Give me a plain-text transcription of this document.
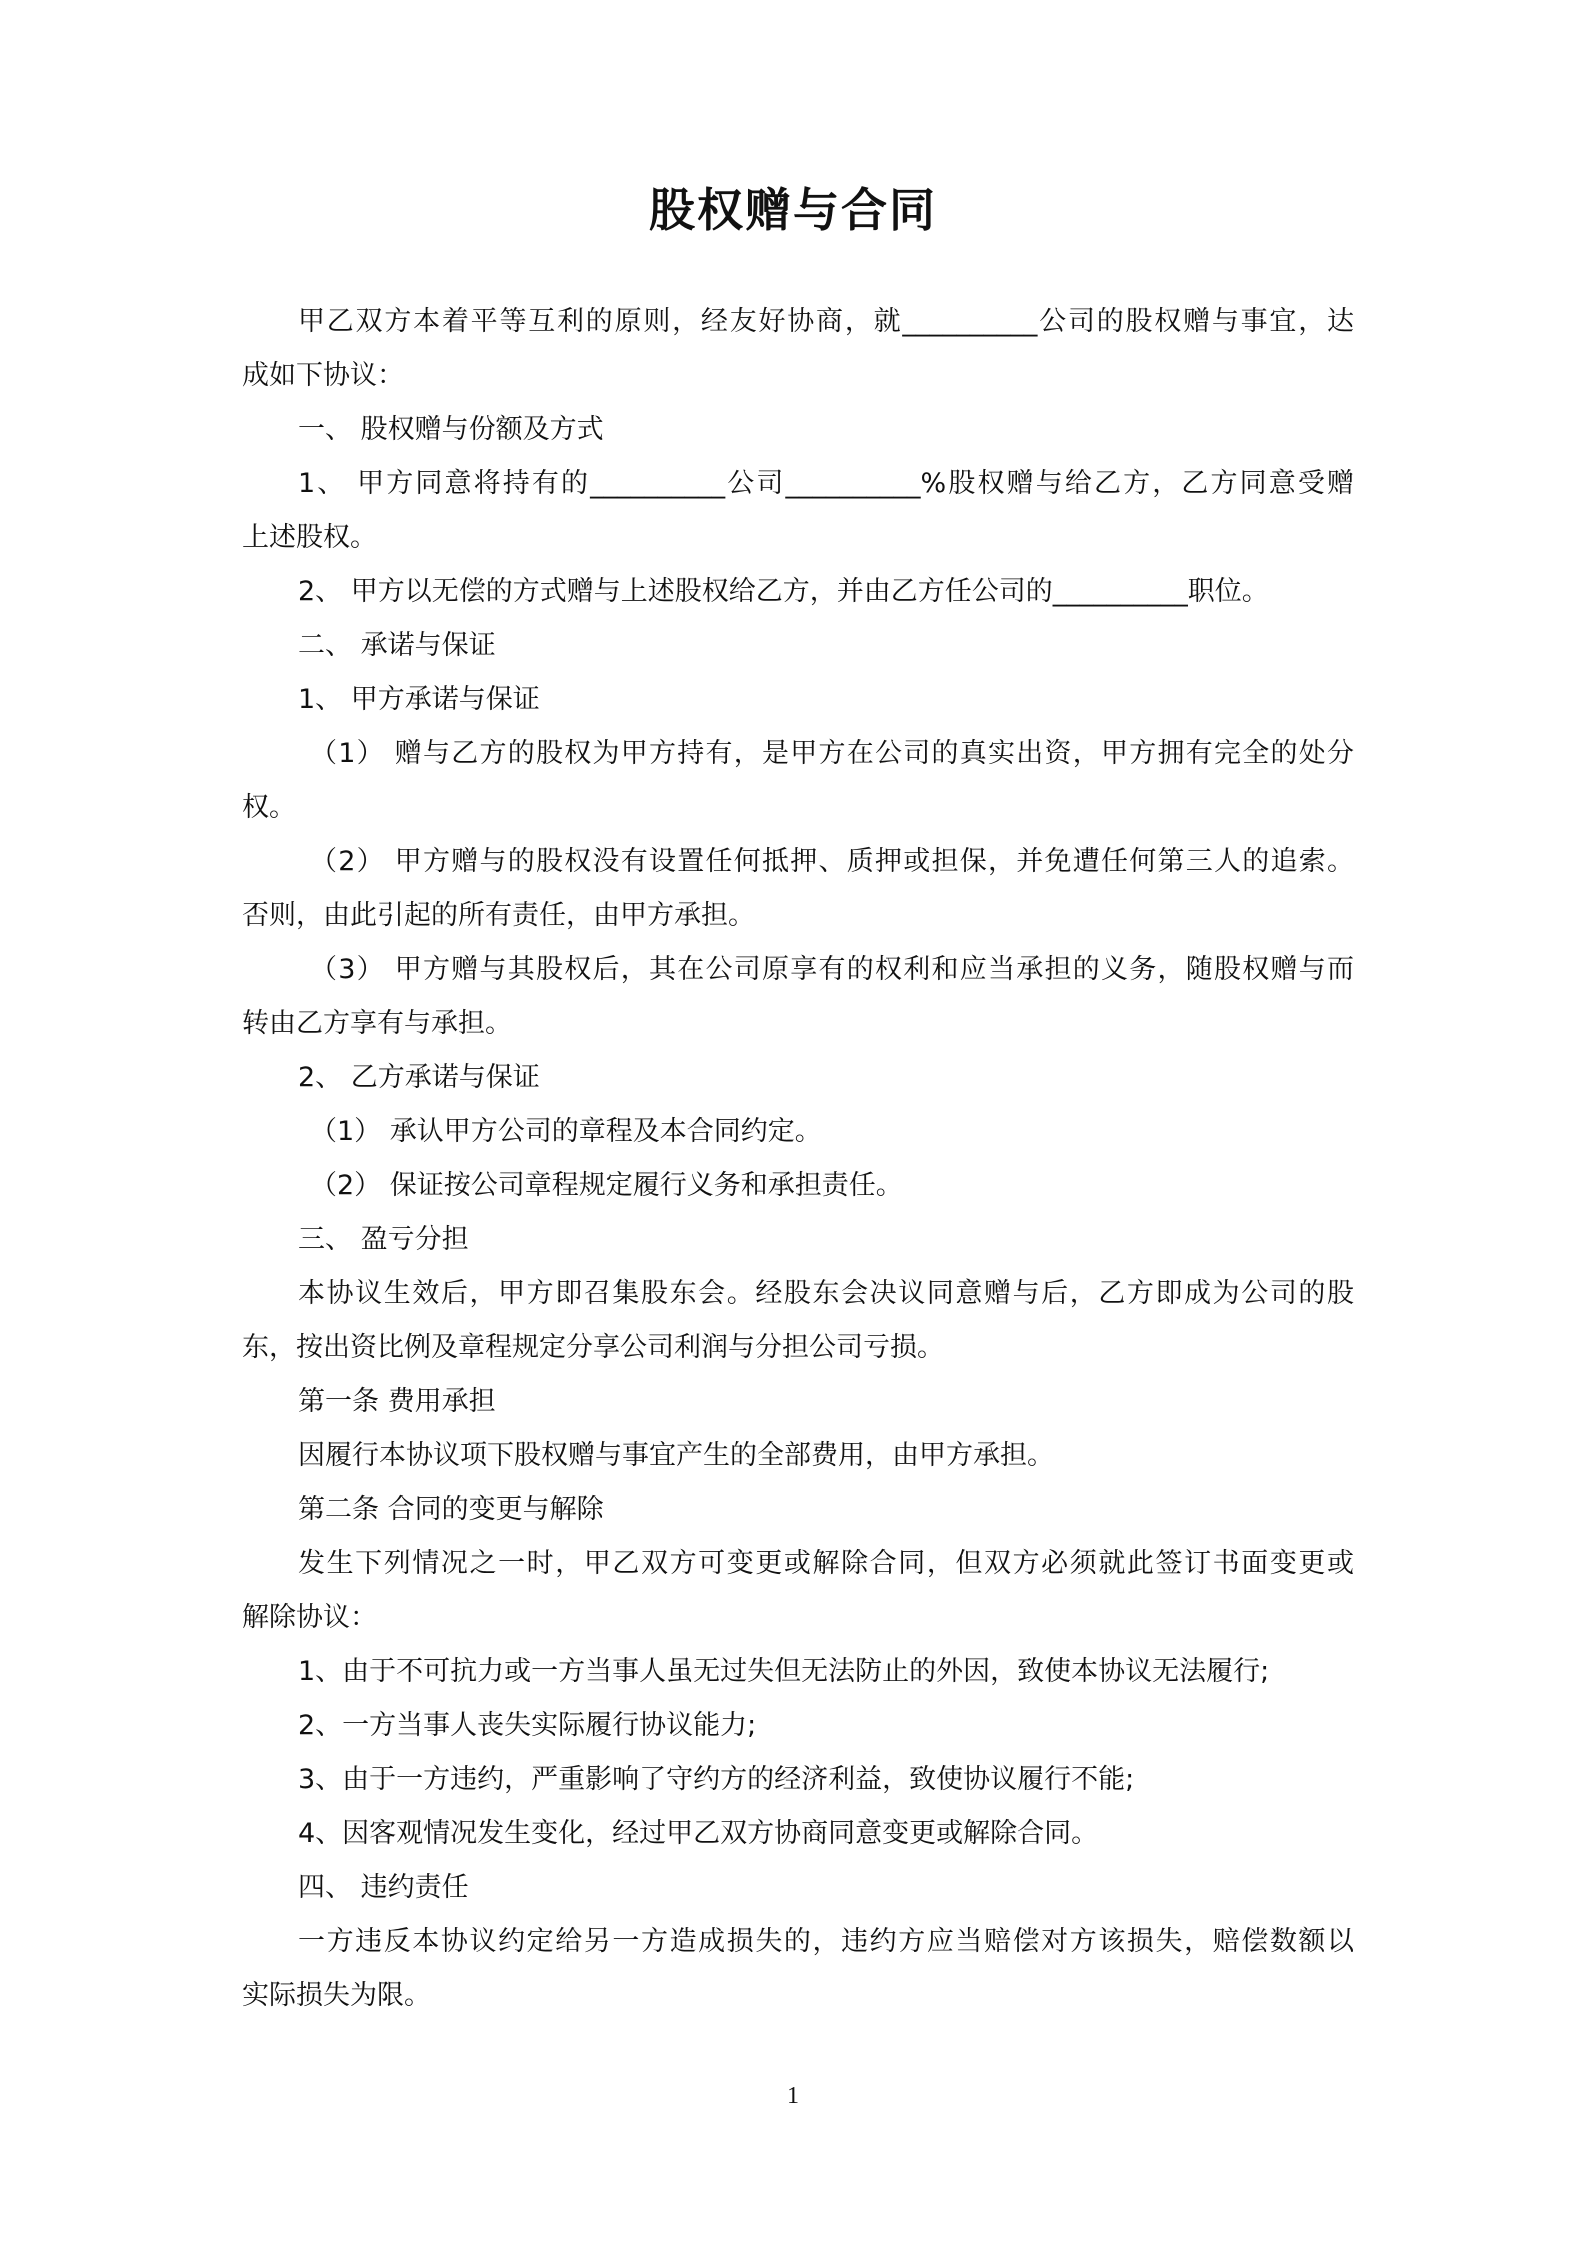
股权赠与合同
甲乙双方本着平等互利的原则，经友好协商，就__________公司的股权赠与事宜，达
成如下协议：
一、 股权赠与份额及方式
1、 甲方同意将持有的__________公司__________%股权赠与给乙方，乙方同意受赠
上述股权。
2、 甲方以无偿的方式赠与上述股权给乙方，并由乙方任公司的__________职位。
二、 承诺与保证
1、 甲方承诺与保证
（1） 赠与乙方的股权为甲方持有，是甲方在公司的真实出资，甲方拥有完全的处分
权。
（2） 甲方赠与的股权没有设置任何抵押、质押或担保，并免遭任何第三人的追索。
否则，由此引起的所有责任，由甲方承担。
（3） 甲方赠与其股权后，其在公司原享有的权利和应当承担的义务，随股权赠与而
转由乙方享有与承担。
2、 乙方承诺与保证
（1） 承认甲方公司的章程及本合同约定。
（2） 保证按公司章程规定履行义务和承担责任。
三、 盈亏分担
本协议生效后，甲方即召集股东会。经股东会决议同意赠与后，乙方即成为公司的股
东，按出资比例及章程规定分享公司利润与分担公司亏损。
第一条 费用承担
因履行本协议项下股权赠与事宜产生的全部费用，由甲方承担。
第二条 合同的变更与解除
发生下列情况之一时，甲乙双方可变更或解除合同，但双方必须就此签订书面变更或
解除协议：
1、由于不可抗力或一方当事人虽无过失但无法防止的外因，致使本协议无法履行;
2、一方当事人丧失实际履行协议能力;
3、由于一方违约，严重影响了守约方的经济利益，致使协议履行不能;
4、因客观情况发生变化，经过甲乙双方协商同意变更或解除合同。
四、 违约责任
一方违反本协议约定给另一方造成损失的，违约方应当赔偿对方该损失，赔偿数额以
实际损失为限。
1
